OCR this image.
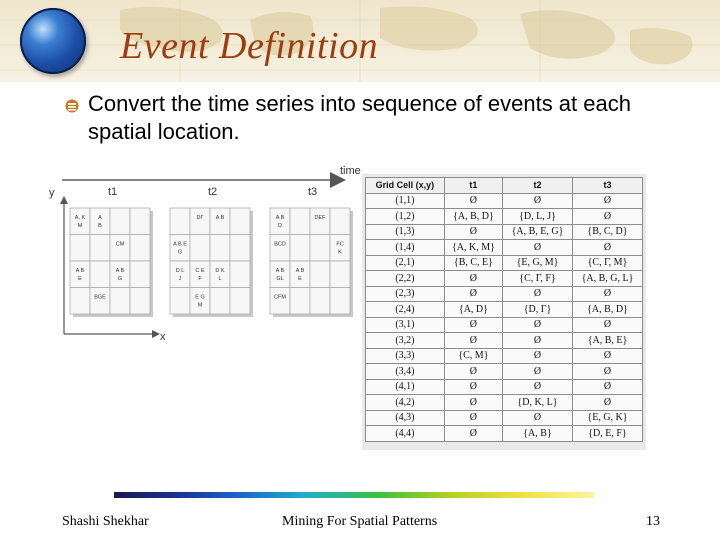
Event Definition
Convert the time series into sequence of events at each spatial location.
time
y
x
t1
A, K
M
A
B
CM
A B
E
A B
G
BGE
t2
DΓ A B
A B E
G
D L
J
C E
F
D K
L
E G
M
t3
A B
D
DEF
BCD	FC
K
A B
GL
A B
E
CFM
Grid Cell (x,y)	t1	t2	t3
(1,1)	Ø	Ø	Ø
(1,2)	{A, B, D}	{D, L, J}	Ø
(1,3)	Ø	{A, B, E, G}	{B, C, D}
(1,4)	{A, K, M}	Ø	Ø
(2,1)	{B, C, E}	{E, G, M}	{C, Γ, M}
(2,2)	Ø	{C, Γ, F}	{A, B, G, L}
(2,3)	Ø	Ø	Ø
(2,4)	{A, D}	{D, Γ}	{A, B, D}
(3,1)	Ø	Ø	Ø
(3,2)	Ø	Ø	{A, B, E}
(3,3)	{C, M}	Ø	Ø
(3,4)	Ø	Ø	Ø
(4,1)	Ø	Ø	Ø
(4,2)	Ø	{D, K, L}	Ø
(4,3)	Ø	Ø	{E, G, K}
(4,4)	Ø	{A, B}	{D, E, F}
Shashi Shekhar	Mining For Spatial Patterns	13
